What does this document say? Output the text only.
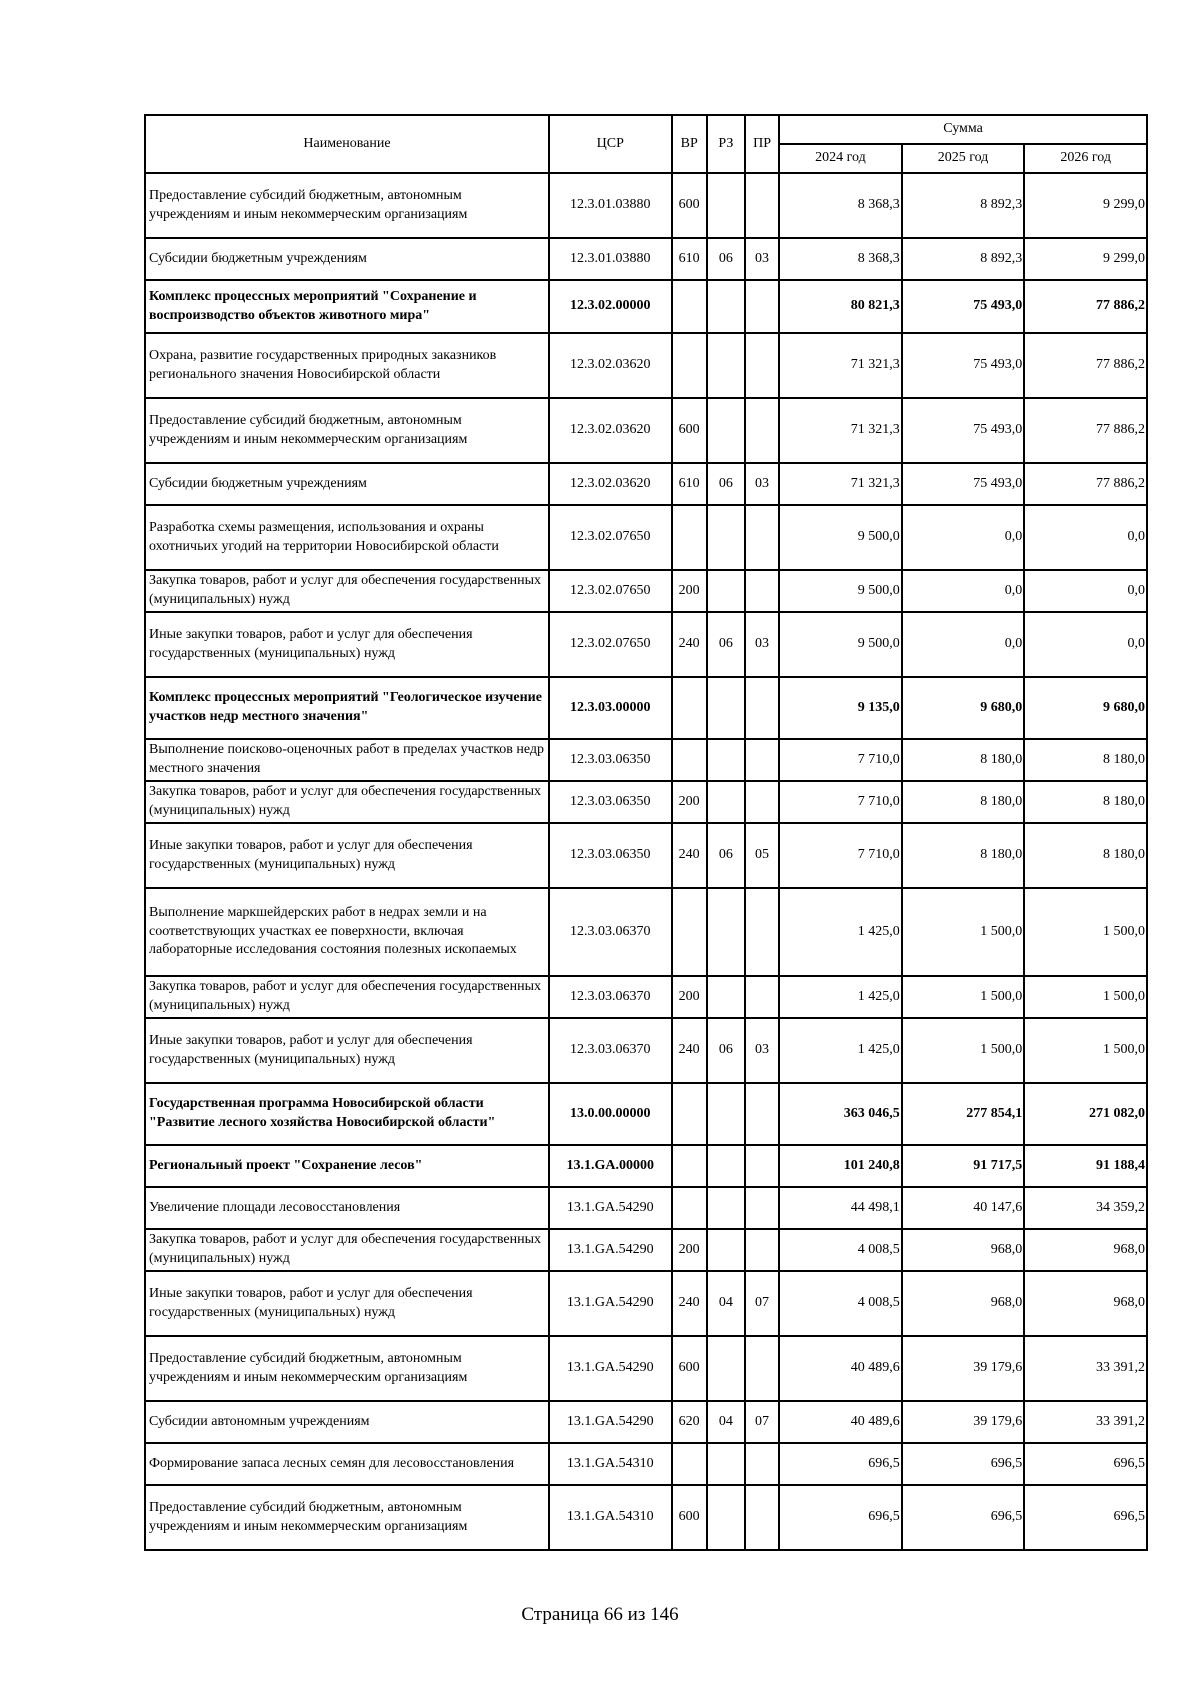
Наименование	ЦСР	ВР	РЗ	ПР	Сумма		
					2024 год	2025 год	2026 год
Предоставление субсидий бюджетным, автономным учреждениям и иным некоммерческим организациям	12.3.01.03880	600			8 368,3	8 892,3	9 299,0
Субсидии бюджетным учреждениям	12.3.01.03880	610	06	03	8 368,3	8 892,3	9 299,0
Комплекс процессных мероприятий "Сохранение и воспроизводство объектов животного мира"	12.3.02.00000				80 821,3	75 493,0	77 886,2
Охрана, развитие государственных природных заказников регионального значения Новосибирской области	12.3.02.03620				71 321,3	75 493,0	77 886,2
Предоставление субсидий бюджетным, автономным учреждениям и иным некоммерческим организациям	12.3.02.03620	600			71 321,3	75 493,0	77 886,2
Субсидии бюджетным учреждениям	12.3.02.03620	610	06	03	71 321,3	75 493,0	77 886,2
Разработка схемы размещения, использования и охраны охотничьих угодий на территории Новосибирской области	12.3.02.07650				9 500,0	0,0	0,0
Закупка товаров, работ и услуг для обеспечения государственных (муниципальных) нужд	12.3.02.07650	200			9 500,0	0,0	0,0
Иные закупки товаров, работ и услуг для обеспечения государственных (муниципальных) нужд	12.3.02.07650	240	06	03	9 500,0	0,0	0,0
Комплекс процессных мероприятий "Геологическое изучение участков недр местного значения"	12.3.03.00000				9 135,0	9 680,0	9 680,0
Выполнение поисково-оценочных работ в пределах участков недр местного значения	12.3.03.06350				7 710,0	8 180,0	8 180,0
Закупка товаров, работ и услуг для обеспечения государственных (муниципальных) нужд	12.3.03.06350	200			7 710,0	8 180,0	8 180,0
Иные закупки товаров, работ и услуг для обеспечения государственных (муниципальных) нужд	12.3.03.06350	240	06	05	7 710,0	8 180,0	8 180,0
Выполнение маркшейдерских работ в недрах земли и на соответствующих участках ее поверхности, включая лабораторные исследования состояния полезных ископаемых	12.3.03.06370				1 425,0	1 500,0	1 500,0
Закупка товаров, работ и услуг для обеспечения государственных (муниципальных) нужд	12.3.03.06370	200			1 425,0	1 500,0	1 500,0
Иные закупки товаров, работ и услуг для обеспечения государственных (муниципальных) нужд	12.3.03.06370	240	06	03	1 425,0	1 500,0	1 500,0
Государственная программа Новосибирской области "Развитие лесного хозяйства Новосибирской области"	13.0.00.00000				363 046,5	277 854,1	271 082,0
Региональный проект "Сохранение лесов"	13.1.GA.00000				101 240,8	91 717,5	91 188,4
Увеличение площади лесовосстановления	13.1.GA.54290				44 498,1	40 147,6	34 359,2
Закупка товаров, работ и услуг для обеспечения государственных (муниципальных) нужд	13.1.GA.54290	200			4 008,5	968,0	968,0
Иные закупки товаров, работ и услуг для обеспечения государственных (муниципальных) нужд	13.1.GA.54290	240	04	07	4 008,5	968,0	968,0
Предоставление субсидий бюджетным, автономным учреждениям и иным некоммерческим организациям	13.1.GA.54290	600			40 489,6	39 179,6	33 391,2
Субсидии автономным учреждениям	13.1.GA.54290	620	04	07	40 489,6	39 179,6	33 391,2
Формирование запаса лесных семян для лесовосстановления	13.1.GA.54310				696,5	696,5	696,5
Предоставление субсидий бюджетным, автономным учреждениям и иным некоммерческим организациям	13.1.GA.54310	600			696,5	696,5	696,5
Страница 66 из 146
